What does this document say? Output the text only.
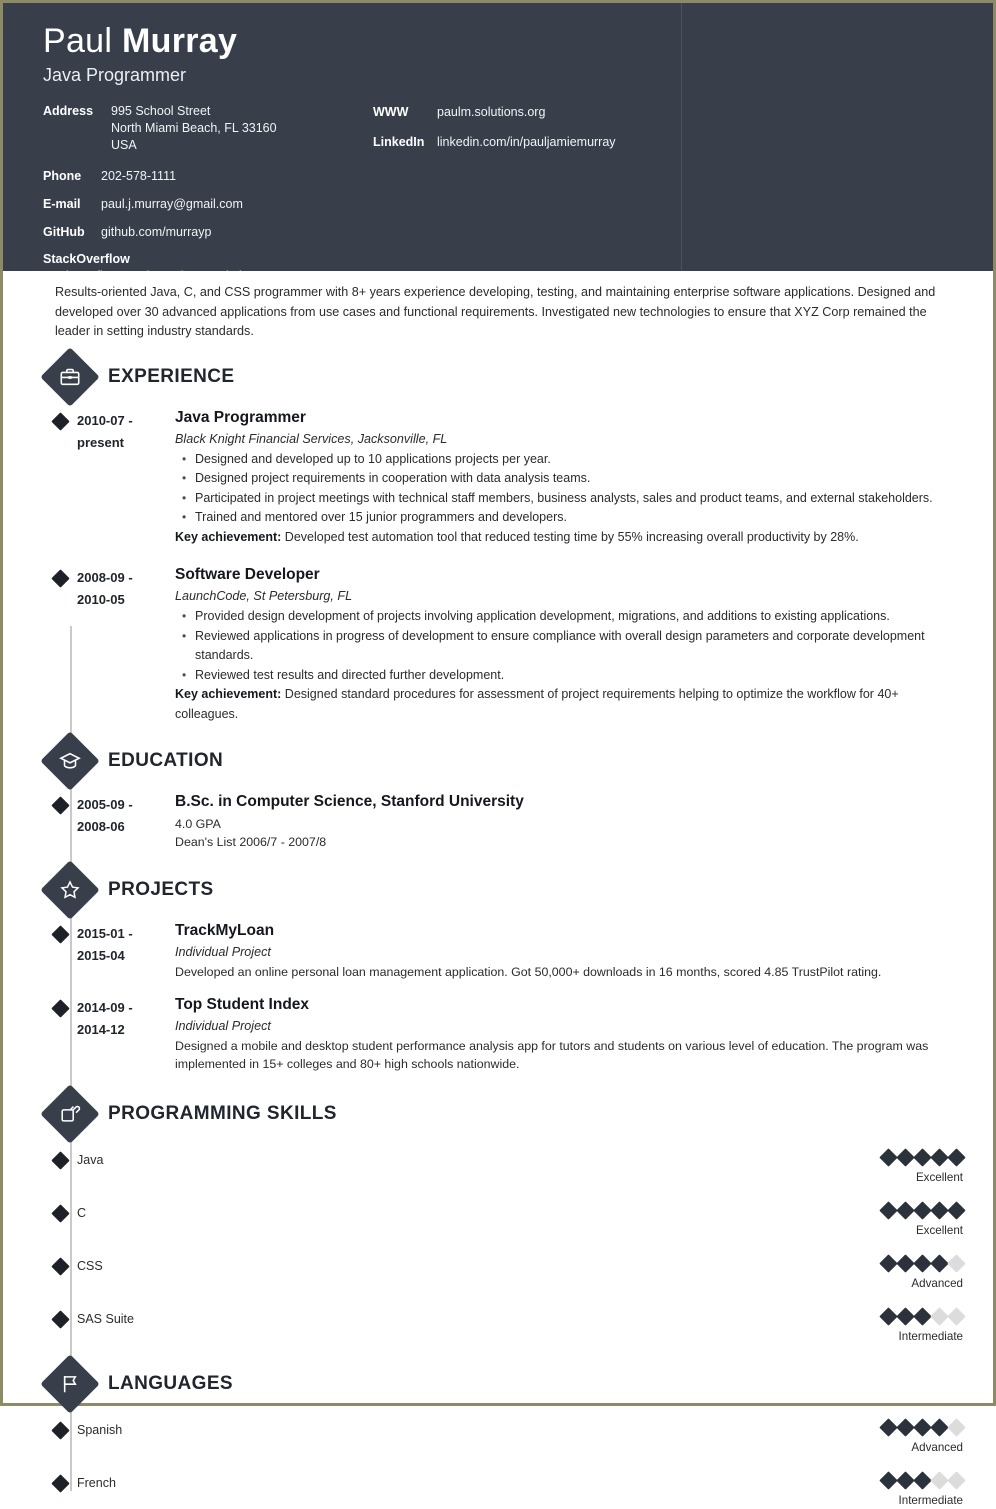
Paul Murray
Java Programmer
Address	995 School Street
North Miami Beach, FL 33160
USA
Phone	202-578-1111
E-mail	paul.j.murray@gmail.com
GitHub	github.com/murrayp
StackOverflow
stackoverflow.com/users/157997/p-j-murray
WWW	paulm.solutions.org
LinkedIn	linkedin.com/in/pauljamiemurray
Results-oriented Java, C, and CSS programmer with 8+ years experience developing, testing, and maintaining enterprise software applications. Designed and developed over 30 advanced applications from use cases and functional requirements. Investigated new technologies to ensure that XYZ Corp remained the leader in setting industry standards.
EXPERIENCE
2010-07 -
present
Java Programmer
Black Knight Financial Services, Jacksonville, FL
• Designed and developed up to 10 applications projects per year.
• Designed project requirements in cooperation with data analysis teams.
• Participated in project meetings with technical staff members, business analysts, sales and product teams, and external stakeholders.
• Trained and mentored over 15 junior programmers and developers.
Key achievement: Developed test automation tool that reduced testing time by 55% increasing overall productivity by 28%.
2008-09 -
2010-05
Software Developer
LaunchCode, St Petersburg, FL
• Provided design development of projects involving application development, migrations, and additions to existing applications.
• Reviewed applications in progress of development to ensure compliance with overall design parameters and corporate development standards.
• Reviewed test results and directed further development.
Key achievement: Designed standard procedures for assessment of project requirements helping to optimize the workflow for 40+ colleagues.
EDUCATION
2005-09 -
2008-06
B.Sc. in Computer Science, Stanford University
4.0 GPA
Dean's List 2006/7 - 2007/8
PROJECTS
2015-01 -
2015-04
TrackMyLoan
Individual Project
Developed an online personal loan management application. Got 50,000+ downloads in 16 months, scored 4.85 TrustPilot rating.
2014-09 -
2014-12
Top Student Index
Individual Project
Designed a mobile and desktop student performance analysis app for tutors and students on various level of education. The program was implemented in 15+ colleges and 80+ high schools nationwide.
PROGRAMMING SKILLS
Java
Excellent
C
Excellent
CSS
Advanced
SAS Suite
Intermediate
LANGUAGES
Spanish
Advanced
French
Intermediate
